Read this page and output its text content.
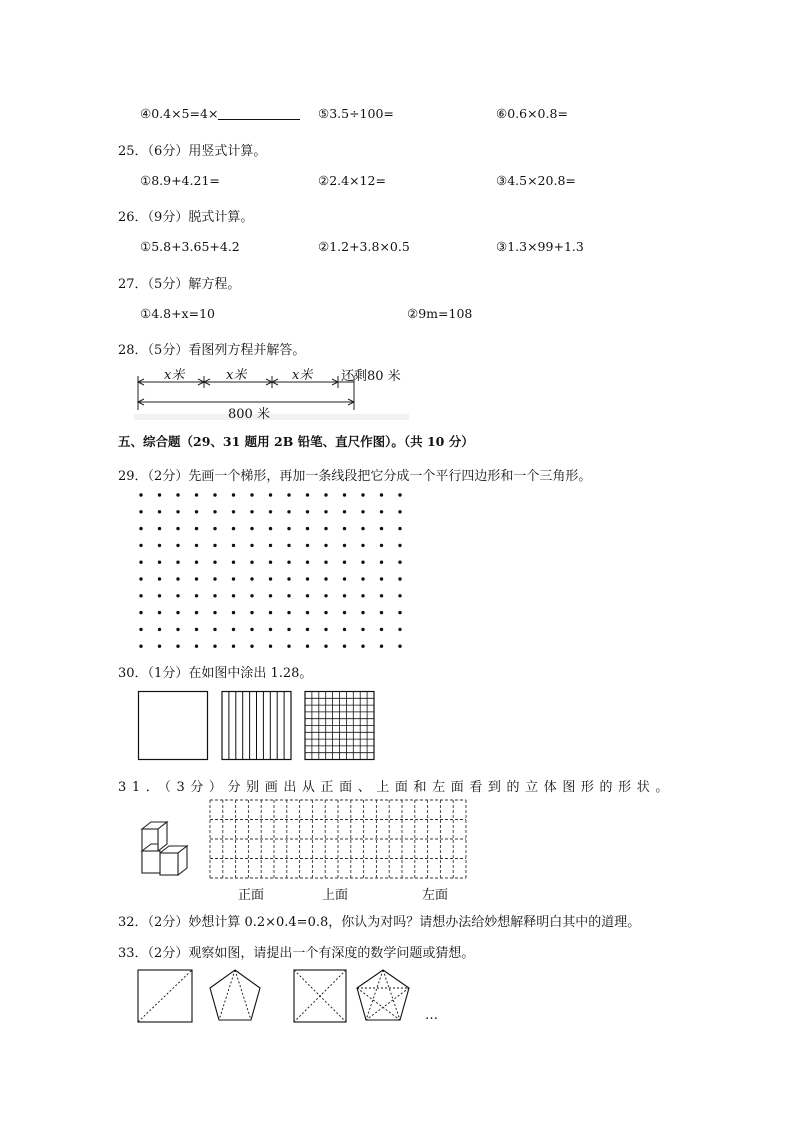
④0.4×5=4×	⑤3.5÷100=	⑥0.6×0.8=
25．（6分）用竖式计算。
①8.9+4.21=	②2.4×12=	③4.5×20.8=
26．（9分）脱式计算。
①5.8+3.65+4.2	②1.2+3.8×0.5	③1.3×99+1.3
27．（5分）解方程。
①4.8+x=10	②9m=108
28．（5分）看图列方程并解答。
x米	x米	x米 还剩80 米
800 米
五、综合题（29、31 题用 2B 铅笔、直尺作图）。（共 10 分）
29．（2分）先画一个梯形，再加一条线段把它分成一个平行四边形和一个三角形。
30．（1分）在如图中涂出 1.28。
31．（3分）分别画出从正面、上面和左面看到的立体图形的形状。
正面	上面	左面
32．（2分）妙想计算 0.2×0.4=0.8，你认为对吗？请想办法给妙想解释明白其中的道理。
33．（2分）观察如图，请提出一个有深度的数学问题或猜想。
…
